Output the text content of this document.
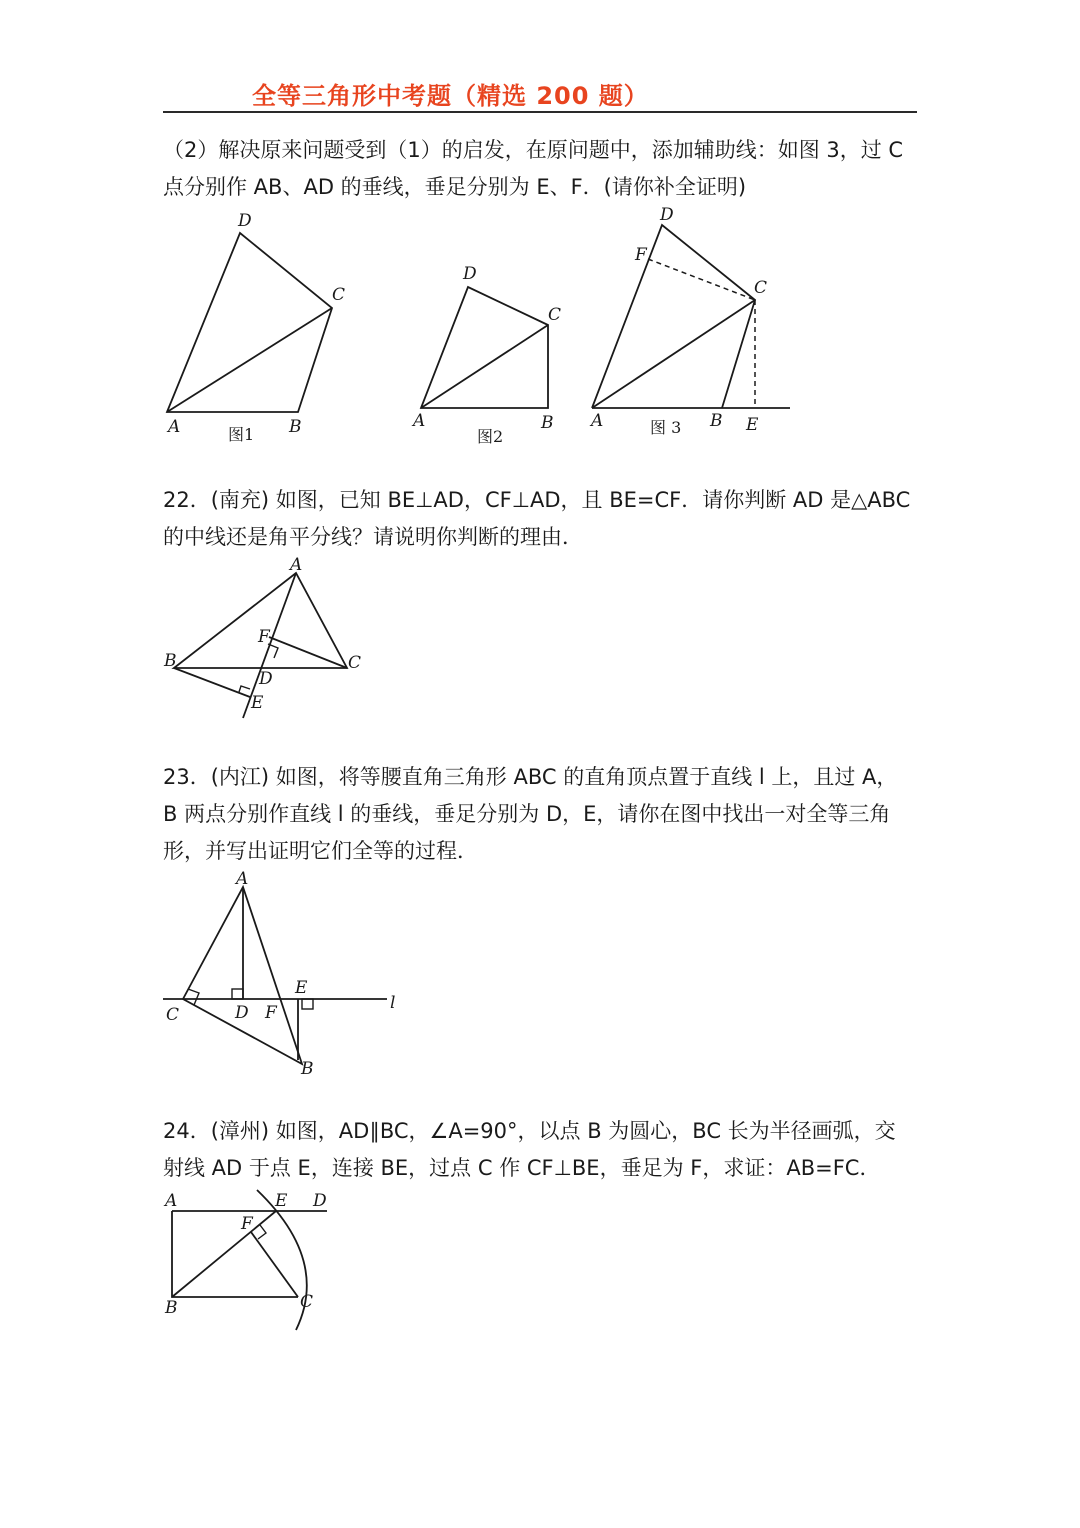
全等三角形中考题（精选 200 题）

（2）解决原来问题受到（1）的启发，在原问题中，添加辅助线：如图 3，过 C
点分别作 AB、AD 的垂线，垂足分别为 E、F．(请你补全证明)

D
C
A	B
图1
D
C
A	B
图2
D
F
C
A	B E
图 3
A
B	C
D
E
F
A
C	D F
E
B
l
A	E D
F
B	C

22．(南充) 如图，已知 BE⊥AD，CF⊥AD，且 BE=CF．请你判断 AD 是△ABC
的中线还是角平分线？请说明你判断的理由．

23．(内江) 如图，将等腰直角三角形 ABC 的直角顶点置于直线 l 上，且过 A，
B 两点分别作直线 l 的垂线，垂足分别为 D，E，请你在图中找出一对全等三角
形，并写出证明它们全等的过程．

24．(漳州) 如图，AD∥BC，∠A=90°，以点 B 为圆心，BC 长为半径画弧，交
射线 AD 于点 E，连接 BE，过点 C 作 CF⊥BE，垂足为 F，求证：AB=FC．
